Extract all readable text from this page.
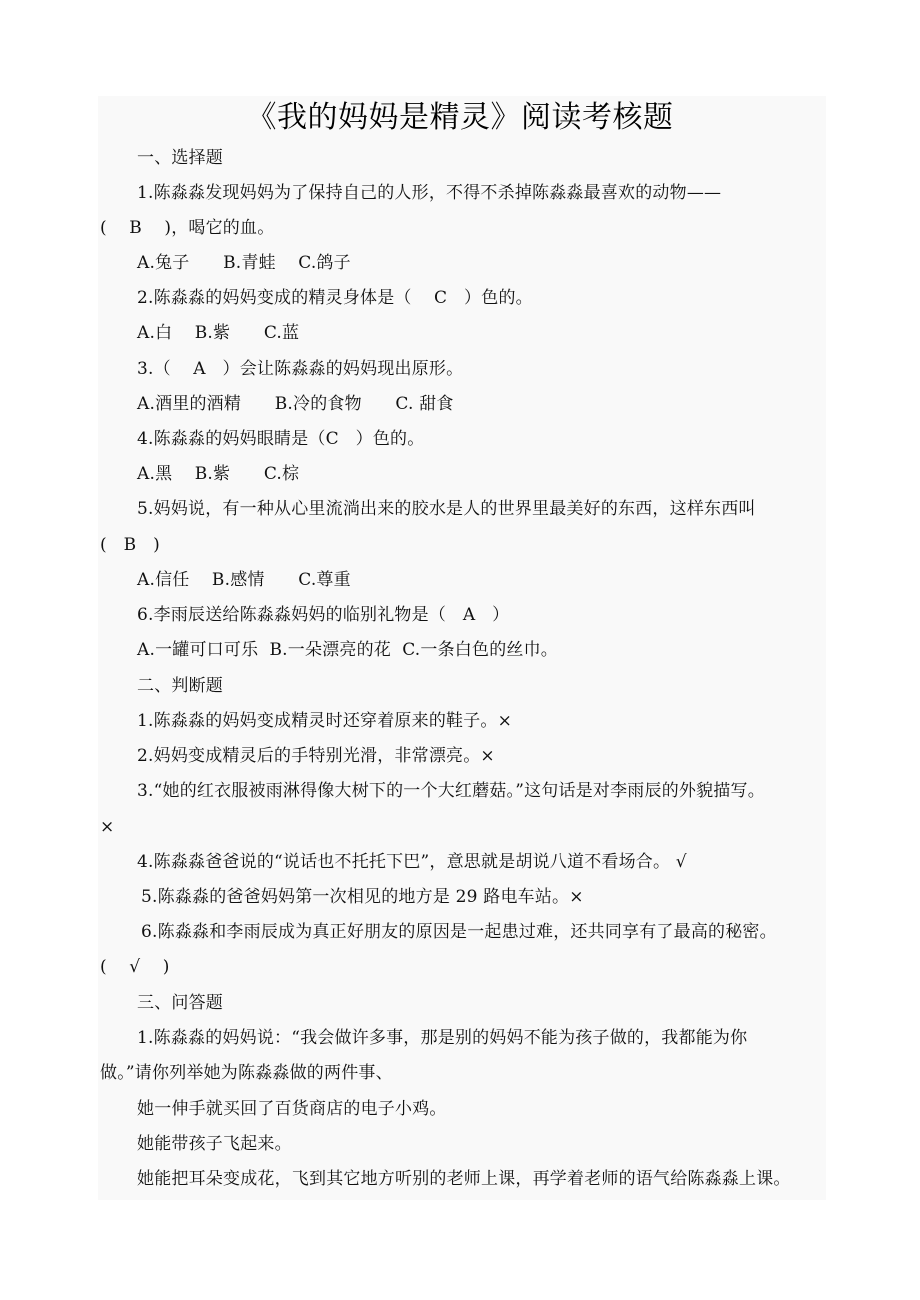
《我的妈妈是精灵》阅读考核题
一、选择题
1.陈淼淼发现妈妈为了保持自己的人形，不得不杀掉陈淼淼最喜欢的动物——
(    B    )，喝它的血。
A.兔子      B.青蛙    C.鸽子
2.陈淼淼的妈妈变成的精灵身体是（    C   ）色的。
A.白    B.紫      C.蓝
3.（    A   ）会让陈淼淼的妈妈现出原形。
A.酒里的酒精      B.冷的食物      C. 甜食
4.陈淼淼的妈妈眼睛是（C   ）色的。
A.黑    B.紫      C.棕
5.妈妈说，有一种从心里流淌出来的胶水是人的世界里最美好的东西，这样东西叫
(   B   )
A.信任    B.感情      C.尊重
6.李雨辰送给陈淼淼妈妈的临别礼物是（   A   ）
A.一罐可口可乐  B.一朵漂亮的花  C.一条白色的丝巾。
二、判断题
1.陈淼淼的妈妈变成精灵时还穿着原来的鞋子。×
2.妈妈变成精灵后的手特别光滑，非常漂亮。×
3.“她的红衣服被雨淋得像大树下的一个大红蘑菇。”这句话是对李雨辰的外貌描写。
×
4.陈淼淼爸爸说的“说话也不托托下巴”，意思就是胡说八道不看场合。 √
5.陈淼淼的爸爸妈妈第一次相见的地方是 29 路电车站。×
6.陈淼淼和李雨辰成为真正好朋友的原因是一起患过难，还共同享有了最高的秘密。
(    √    )
三、问答题
1.陈淼淼的妈妈说：“我会做许多事，那是别的妈妈不能为孩子做的，我都能为你
做。”请你列举她为陈淼淼做的两件事、
她一伸手就买回了百货商店的电子小鸡。
她能带孩子飞起来。
她能把耳朵变成花，飞到其它地方听别的老师上课，再学着老师的语气给陈淼淼上课。
